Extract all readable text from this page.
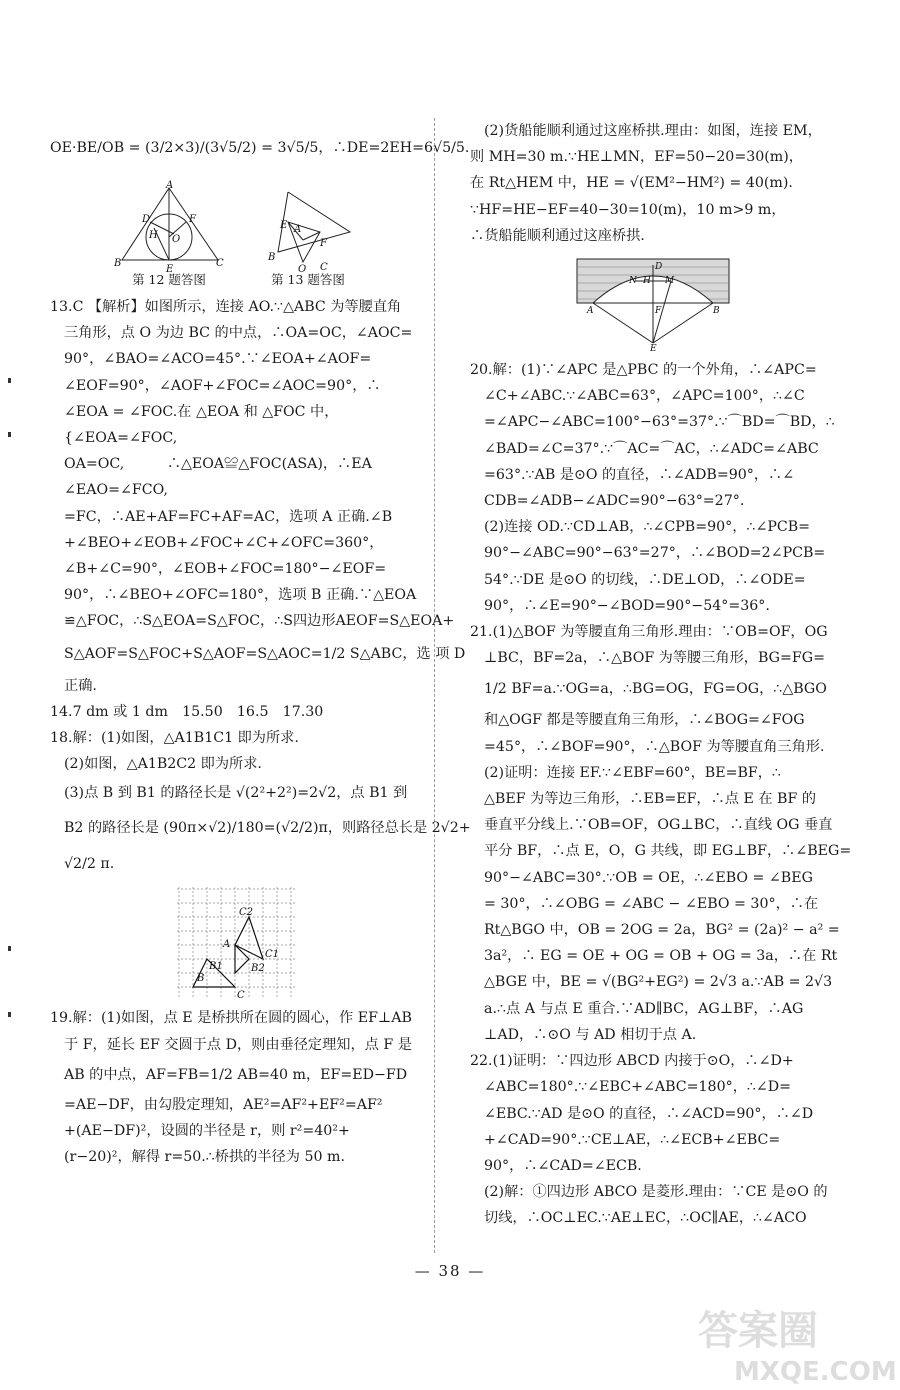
OE·BE/OB = (3/2×3)/(3√5/2) = 3√5/5，∴DE=2EH=6√5/5.

A
D	F
H O
B
E
C
第 12 题答图
E A
F
B
O C
第 13 题答图

13.C 【解析】如图所示，连接 AO.∵△ABC 为等腰直角

三角形，点 O 为边 BC 的中点，∴OA=OC，∠AOC=

90°，∠BAO=∠ACO=45°.∵∠EOA+∠AOF=

∠EOF=90°，∠AOF+∠FOC=∠AOC=90°，∴

∠EOA = ∠FOC.在 △EOA 和 △FOC 中，

{∠EOA=∠FOC,

OA=OC,　　　∴△EOA≌△FOC(ASA)，∴EA

∠EAO=∠FCO,

=FC，∴AE+AF=FC+AF=AC，选项 A 正确.∠B

+∠BEO+∠EOB+∠FOC+∠C+∠OFC=360°，

∠B+∠C=90°，∠EOB+∠FOC=180°−∠EOF=

90°，∴∠BEO+∠OFC=180°，选项 B 正确.∵△EOA

≌△FOC，∴S△EOA=S△FOC，∴S四边形AEOF=S△EOA+

S△AOF=S△FOC+S△AOF=S△AOC=1/2 S△ABC，选 项 D

正确.

14.7 dm 或 1 dm　15.50　16.5　17.30

18.解：(1)如图，△A1B1C1 即为所求.

(2)如图，△A1B2C2 即为所求.

(3)点 B 到 B1 的路径长是 √(2²+2²)=2√2，点 B1 到

B2 的路径长是 (90π×√2)/180=(√2/2)π，则路径总长是 2√2+

√2/2 π.

C2
A
C1
B1	B2
B
C

19.解：(1)如图，点 E 是桥拱所在圆的圆心，作 EF⊥AB

于 F，延长 EF 交圆于点 D，则由垂径定理知，点 F 是

AB 的中点，AF=FB=1/2 AB=40 m，EF=ED−FD

=AE−DF，由勾股定理知，AE²=AF²+EF²=AF²

+(AE−DF)²，设圆的半径是 r，则 r²=40²+

(r−20)²，解得 r=50.∴桥拱的半径为 50 m.

(2)货船能顺利通过这座桥拱.理由：如图，连接 EM，

则 MH=30 m.∵HE⊥MN，EF=50−20=30(m)，

在 Rt△HEM 中，HE = √(EM²−HM²) = 40(m).

∵HF=HE−EF=40−30=10(m)，10 m>9 m，

∴货船能顺利通过这座桥拱.

N H M
D
A	F	B
E

20.解：(1)∵∠APC 是△PBC 的一个外角，∴∠APC=

∠C+∠ABC.∵∠ABC=63°，∠APC=100°，∴∠C

=∠APC−∠ABC=100°−63°=37°.∵⌒BD=⌒BD，∴

∠BAD=∠C=37°.∵⌒AC=⌒AC，∴∠ADC=∠ABC

=63°.∵AB 是⊙O 的直径，∴∠ADB=90°，∴∠

CDB=∠ADB−∠ADC=90°−63°=27°.

(2)连接 OD.∵CD⊥AB，∴∠CPB=90°，∴∠PCB=

90°−∠ABC=90°−63°=27°，∴∠BOD=2∠PCB=

54°.∵DE 是⊙O 的切线，∴DE⊥OD，∴∠ODE=

90°，∴∠E=90°−∠BOD=90°−54°=36°.

21.(1)△BOF 为等腰直角三角形.理由：∵OB=OF，OG

⊥BC，BF=2a，∴△BOF 为等腰三角形，BG=FG=

1/2 BF=a.∵OG=a，∴BG=OG，FG=OG，∴△BGO

和△OGF 都是等腰直角三角形，∴∠BOG=∠FOG

=45°，∴∠BOF=90°，∴△BOF 为等腰直角三角形.

(2)证明：连接 EF.∵∠EBF=60°，BE=BF，∴

△BEF 为等边三角形，∴EB=EF，∴点 E 在 BF 的

垂直平分线上.∵OB=OF，OG⊥BC，∴直线 OG 垂直

平分 BF，∴点 E，O，G 共线，即 EG⊥BF，∴∠BEG=

90°−∠ABC=30°.∵OB = OE，∴∠EBO = ∠BEG

= 30°，∴∠OBG = ∠ABC − ∠EBO = 30°，∴在

Rt△BGO 中，OB = 2OG = 2a，BG² = (2a)² − a² =

3a²，∴ EG = OE + OG = OB + OG = 3a，∴在 Rt

△BGE 中，BE = √(BG²+EG²) = 2√3 a.∵AB = 2√3

a.∴点 A 与点 E 重合.∵AD∥BC，AG⊥BF，∴AG

⊥AD，∴⊙O 与 AD 相切于点 A.

22.(1)证明：∵四边形 ABCD 内接于⊙O，∴∠D+

∠ABC=180°.∵∠EBC+∠ABC=180°，∴∠D=

∠EBC.∵AD 是⊙O 的直径，∴∠ACD=90°，∴∠D

+∠CAD=90°.∵CE⊥AE，∴∠ECB+∠EBC=

90°，∴∠CAD=∠ECB.

(2)解：①四边形 ABCO 是菱形.理由：∵CE 是⊙O 的

切线，∴OC⊥EC.∵AE⊥EC，∴OC∥AE，∴∠ACO

— 38 —
答案圈
MXQE.COM
